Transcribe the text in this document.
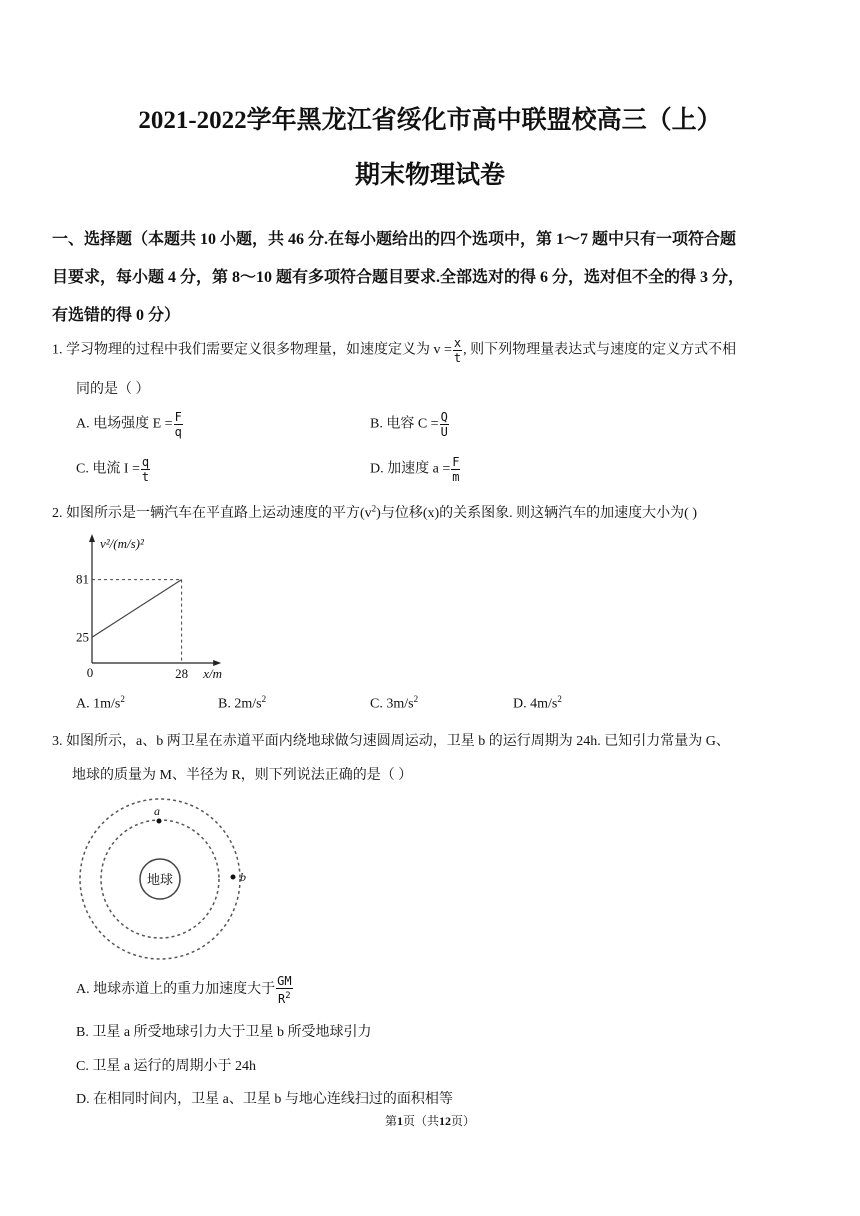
2021-2022学年黑龙江省绥化市高中联盟校高三（上）
期末物理试卷
一、选择题（本题共 10 小题，共 46 分.在每小题给出的四个选项中，第 1～7 题中只有一项符合题
目要求，每小题 4 分，第 8～10 题有多项符合题目要求.全部选对的得 6 分，选对但不全的得 3 分，
有选错的得 0 分）
1. 学习物理的过程中我们需要定义很多物理量，如速度定义为 $v = \frac{x}{t}$ , 则下列物理量表达式与速度的定义方式不相
同的是（ ）
A. 电场强度 $E = \frac{F}{q}$	B. 电容 $C = \frac{Q}{U}$
C. 电流 $I = \frac{q}{t}$	D. 加速度 $a = \frac{F}{m}$
2. 如图所示是一辆汽车在平直路上运动速度的平方$(v^2)$与位移(x)的关系图象. 则这辆汽车的加速度大小为( )
v²/(m/s)²
x/m
25
81
0	28
A. $1m/s^2$	B. $2m/s^2$	C. $3m/s^2$	D. $4m/s^2$
3. 如图所示，a、b 两卫星在赤道平面内绕地球做匀速圆周运动，卫星 b 的运行周期为 24h. 已知引力常量为 G、
地球的质量为 M、半径为 R，则下列说法正确的是（ ）
地球
a
b
A. 地球赤道上的重力加速度大于 $\frac{GM}{R^2}$
B. 卫星 a 所受地球引力大于卫星 b 所受地球引力
C. 卫星 a 运行的周期小于 24h
D. 在相同时间内，卫星 a、卫星 b 与地心连线扫过的面积相等
第1页（共12页）
